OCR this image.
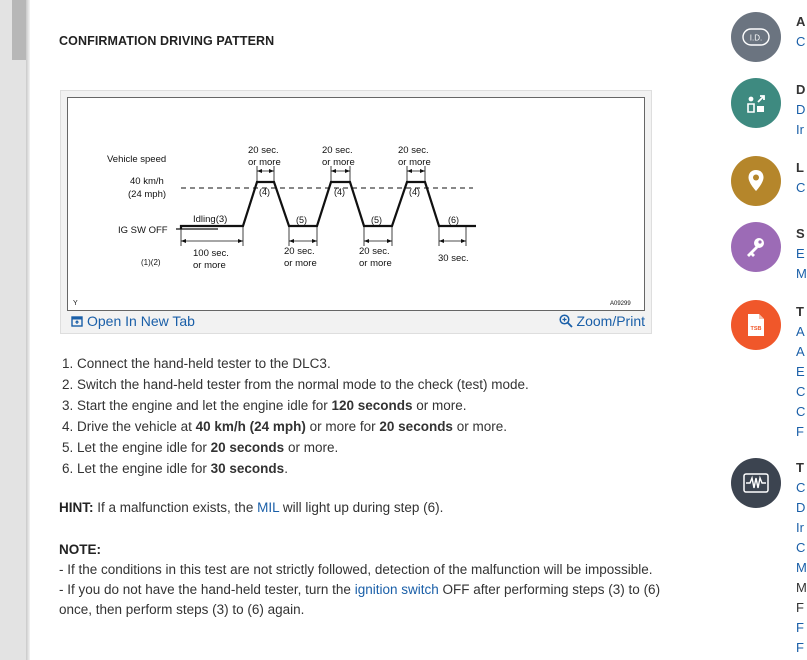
CONFIRMATION DRIVING PATTERN
Vehicle speed
40 km/h
(24 mph)
IG SW OFF
Idling(3)
(1)(2)
100 sec.
or more
20 sec.
or more
20 sec.
or more
20 sec.
or more
(4)	(4)	(4)
(5)	(5)	(6)
20 sec.
or more
20 sec.
or more	30 sec.
Y	A09299
Open In New Tab	Zoom/Print
1. Connect the hand-held tester to the DLC3.
2. Switch the hand-held tester from the normal mode to the check (test) mode.
3. Start the engine and let the engine idle for 120 seconds or more.
4. Drive the vehicle at 40 km/h (24 mph) or more for 20 seconds or more.
5. Let the engine idle for 20 seconds or more.
6. Let the engine idle for 30 seconds.
HINT: If a malfunction exists, the MIL will light up during step (6).
NOTE:
- If the conditions in this test are not strictly followed, detection of the malfunction will be impossible.
- If you do not have the hand-held tester, turn the ignition switch OFF after performing steps (3) to (6) once, then perform steps (3) to (6) again.
I.D.
A
C
D
D
Ir
L
C
S
E
M
TSB
T
A
A
E
C
C
F
T
C
D
Ir
C
M
M
F
F
F
